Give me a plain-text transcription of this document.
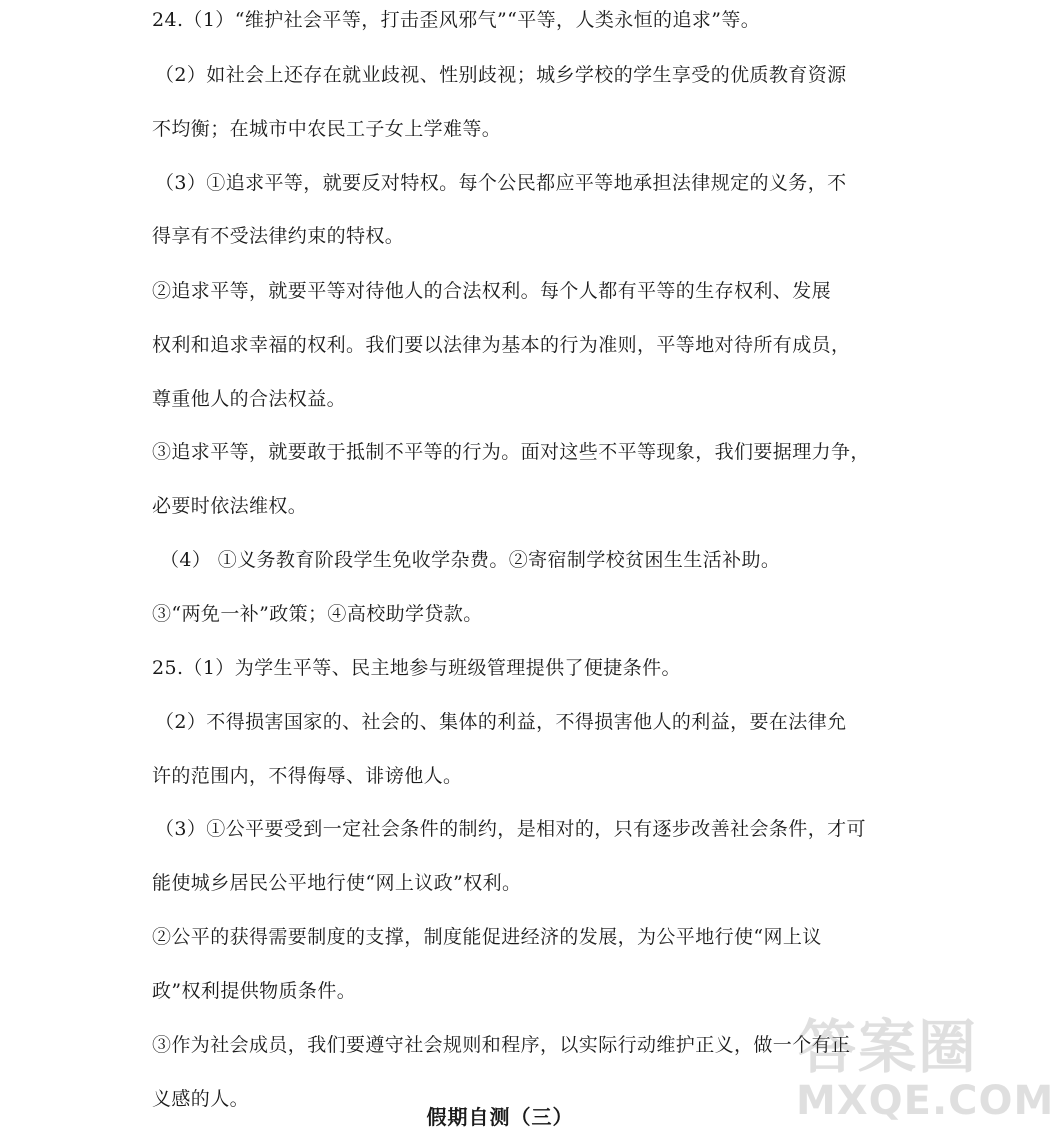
24.（1）“维护社会平等，打击歪风邪气”“平等，人类永恒的追求”等。
（2）如社会上还存在就业歧视、性别歧视；城乡学校的学生享受的优质教育资源
不均衡；在城市中农民工子女上学难等。
（3）①追求平等，就要反对特权。每个公民都应平等地承担法律规定的义务，不
得享有不受法律约束的特权。
②追求平等，就要平等对待他人的合法权利。每个人都有平等的生存权利、发展
权利和追求幸福的权利。我们要以法律为基本的行为准则，平等地对待所有成员，
尊重他人的合法权益。
③追求平等，就要敢于抵制不平等的行为。面对这些不平等现象，我们要据理力争，
必要时依法维权。
（4） ①义务教育阶段学生免收学杂费。②寄宿制学校贫困生生活补助。
③“两免一补”政策；④高校助学贷款。
25.（1）为学生平等、民主地参与班级管理提供了便捷条件。
（2）不得损害国家的、社会的、集体的利益，不得损害他人的利益，要在法律允
许的范围内，不得侮辱、诽谤他人。
（3）①公平要受到一定社会条件的制约，是相对的，只有逐步改善社会条件，才可
能使城乡居民公平地行使“网上议政”权利。
②公平的获得需要制度的支撑，制度能促进经济的发展，为公平地行使“网上议
政”权利提供物质条件。
③作为社会成员，我们要遵守社会规则和程序，以实际行动维护正义，做一个有正
义感的人。
假期自测（三）
答案圈
MXQE.COM
